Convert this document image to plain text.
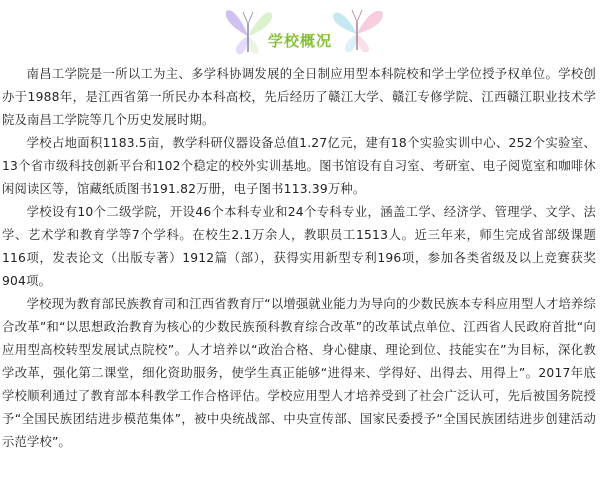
学校概况

南昌工学院是一所以工为主、多学科协调发展的全日制应用型本科院校和学士学位授予权单位。学校创办于1988年，是江西省第一所民办本科高校，先后经历了赣江大学、赣江专修学院、江西赣江职业技术学院及南昌工学院等几个历史发展时期。

学校占地面积1183.5亩，教学科研仪器设备总值1.27亿元，建有18个实验实训中心、252个实验室、13个省市级科技创新平台和102个稳定的校外实训基地。图书馆设有自习室、考研室、电子阅览室和咖啡休闲阅读区等，馆藏纸质图书191.82万册，电子图书113.39万种。

学校设有10个二级学院，开设46个本科专业和24个专科专业，涵盖工学、经济学、管理学、文学、法学、艺术学和教育学等7个学科。在校生2.1万余人，教职员工1513人。近三年来，师生完成省部级课题116项，发表论文（出版专著）1912篇（部），获得实用新型专利196项，参加各类省级及以上竞赛获奖904项。

学校现为教育部民族教育司和江西省教育厅“以增强就业能力为导向的少数民族本专科应用型人才培养综合改革”和“以思想政治教育为核心的少数民族预科教育综合改革”的改革试点单位、江西省人民政府首批“向应用型高校转型发展试点院校”。人才培养以“政治合格、身心健康、理论到位、技能实在”为目标，深化教学改革，强化第二课堂，细化资助服务，使学生真正能够“进得来、学得好、出得去、用得上”。2017年底学校顺利通过了教育部本科教学工作合格评估。学校应用型人才培养受到了社会广泛认可，先后被国务院授予“全国民族团结进步模范集体”，被中央统战部、中央宣传部、国家民委授予“全国民族团结进步创建活动示范学校”。
